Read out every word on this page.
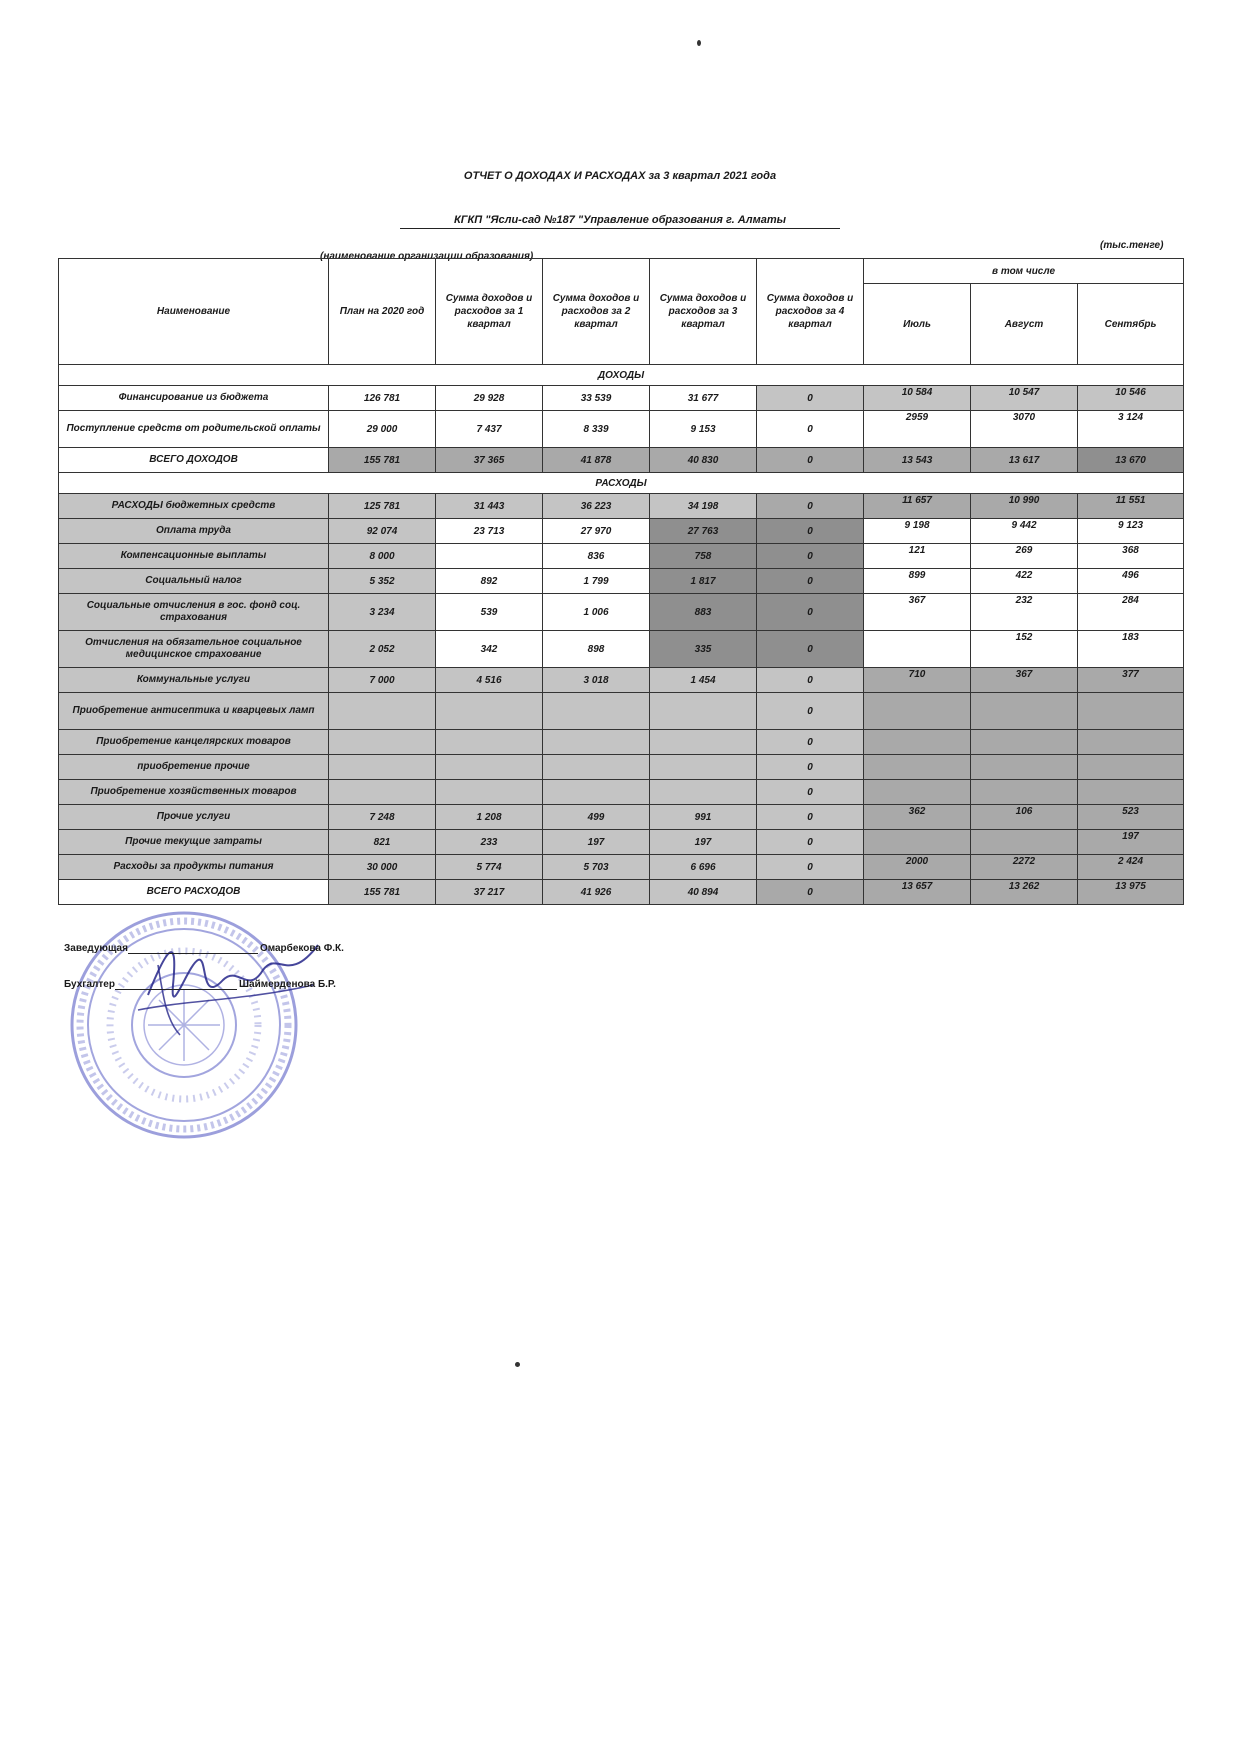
ОТЧЕТ О ДОХОДАХ И РАСХОДАХ за 3 квартал 2021 года
КГКП "Ясли-сад №187 "Управление образования г. Алматы
(наименование организации образования)
(тыс.тенге)
Наименование	План на 2020 год	Сумма доходов и расходов за 1 квартал	Сумма доходов и расходов за 2 квартал	Сумма доходов и расходов за 3 квартал	Сумма доходов и расходов за 4 квартал	в том числе		
						Июль	Август	Сентябрь
ДОХОДЫ								
Финансирование из бюджета	126 781	29 928	33 539	31 677	0	10 584	10 547	10 546
Поступление средств от родительской оплаты	29 000	7 437	8 339	9 153	0	2959	3070	3 124
ВСЕГО ДОХОДОВ	155 781	37 365	41 878	40 830	0	13 543	13 617	13 670
РАСХОДЫ								
РАСХОДЫ бюджетных средств	125 781	31 443	36 223	34 198	0	11 657	10 990	11 551
Оплата труда	92 074	23 713	27 970	27 763	0	9 198	9 442	9 123
Компенсационные выплаты	8 000		836	758	0	121	269	368
Социальный налог	5 352	892	1 799	1 817	0	899	422	496
Социальные отчисления в гос. фонд соц. страхования	3 234	539	1 006	883	0	367	232	284
Отчисления на обязательное социальное медицинское страхование	2 052	342	898	335	0		152	183
Коммунальные услуги	7 000	4 516	3 018	1 454	0	710	367	377
Приобретение антисептика и кварцевых ламп					0			
Приобретение канцелярских товаров					0			
приобретение прочие					0			
Приобретение хозяйственных товаров					0			
Прочие услуги	7 248	1 208	499	991	0	362	106	523
Прочие текущие затраты	821	233	197	197	0			197
Расходы за продукты питания	30 000	5 774	5 703	6 696	0	2000	2272	2 424
ВСЕГО РАСХОДОВ	155 781	37 217	41 926	40 894	0	13 657	13 262	13 975
Заведующая	Омарбекова Ф.К.
Бухгалтер	Шаймерденова Б.Р.
